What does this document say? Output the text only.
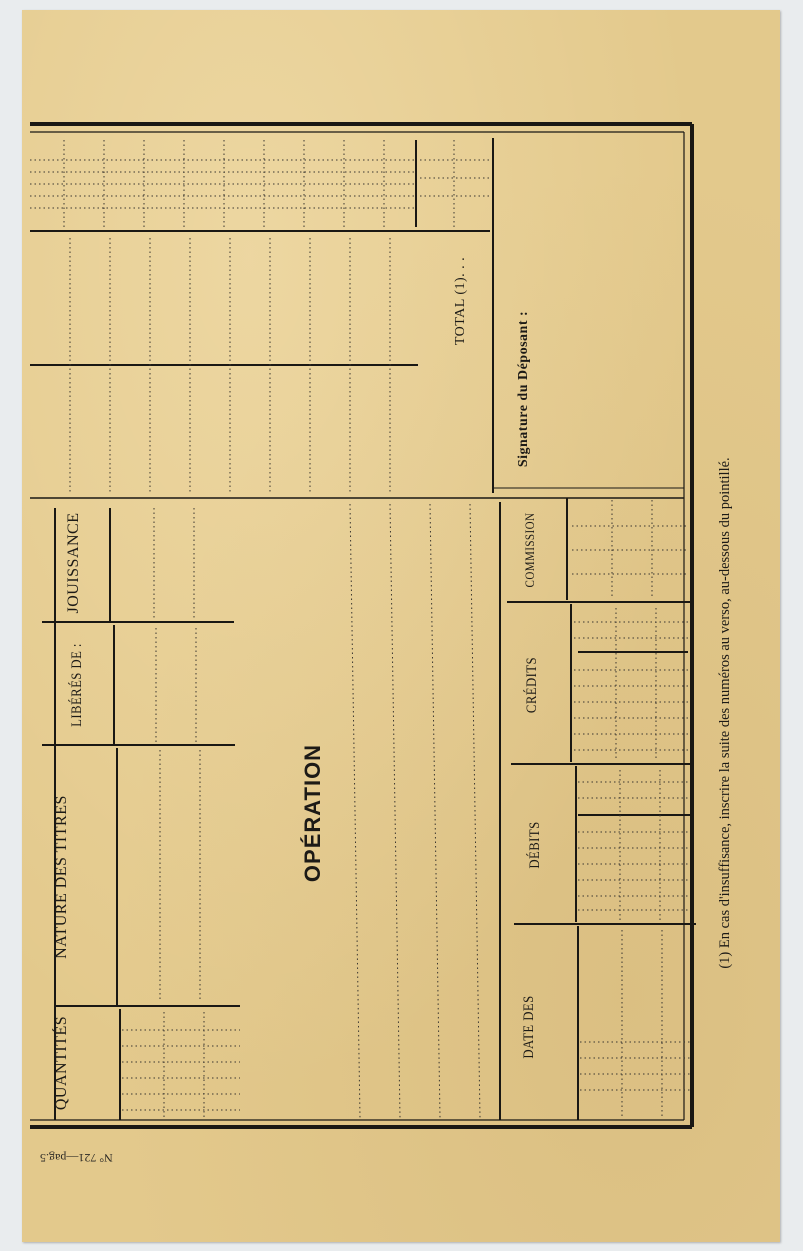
QUANTITÉS
NATURE DES TITRES
LIBÉRÉS DE :
JOUISSANCE
OPÉRATION
DATE DES
DÉBITS
CRÉDITS
COMMISSION
TOTAL (1). . .
Signature du Déposant :
(1) En cas d'insuffisance, inscrire la suite des numéros au verso, au-dessous du pointillé.
N° 721—pag.5
